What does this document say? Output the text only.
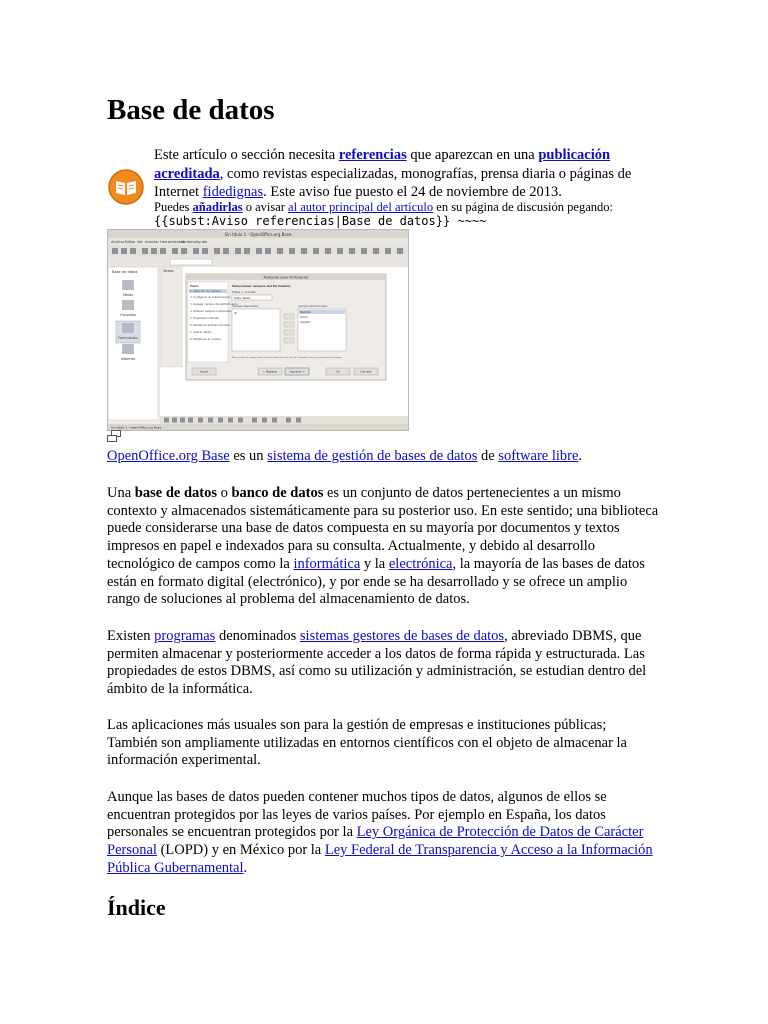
Base de datos
Este artículo o sección necesita referencias que aparezcan en una publicación acreditada, como revistas especializadas, monografías, prensa diaria o páginas de Internet fidedignas. Este aviso fue puesto el 24 de noviembre de 2013.
Puedes añadirlas o avisar al autor principal del artículo en su página de discusión pegando:
{{subst:Aviso referencias|Base de datos}} ~~~~
Sin título 1 - OpenOffice.org Base
Archivo Editar Ver Insertar Herramientas
Ventana Ayuda
Base de datos
Tablas
Consultas
Formularios
Informes
Tareas
Asistente para formularios
Pasos
1. Selección de campos
2. Configurar un subformulario
3. Agregar campos de subformulario
4. Obtener campos combinados
5. Organizar controles
6. Establecer entrada de datos
7. Aplicar estilos
8. Establecer el nombre
Seleccionar campos del formulario
Tablas o consultas
Tabla: Tabla1
Campos disponibles
ID
Campos del formulario
Nombre
Fecha
Apellido
Binary fields are always listed and selectable from the left list. If possible, they are interpreted as images.
Ayuda	< Regresar	Siguiente >	Ok	Cancelar
Sin título 1 - OpenOffice.org Base

OpenOffice.org Base es un sistema de gestión de bases de datos de software libre.

Una base de datos o banco de datos es un conjunto de datos pertenecientes a un mismo contexto y almacenados sistemáticamente para su posterior uso. En este sentido; una biblioteca puede considerarse una base de datos compuesta en su mayoría por documentos y textos impresos en papel e indexados para su consulta. Actualmente, y debido al desarrollo tecnológico de campos como la informática y la electrónica, la mayoría de las bases de datos están en formato digital (electrónico), y por ende se ha desarrollado y se ofrece un amplio rango de soluciones al problema del almacenamiento de datos.

Existen programas denominados sistemas gestores de bases de datos, abreviado DBMS, que permiten almacenar y posteriormente acceder a los datos de forma rápida y estructurada. Las propiedades de estos DBMS, así como su utilización y administración, se estudian dentro del ámbito de la informática.

Las aplicaciones más usuales son para la gestión de empresas e instituciones públicas; También son ampliamente utilizadas en entornos científicos con el objeto de almacenar la información experimental.

Aunque las bases de datos pueden contener muchos tipos de datos, algunos de ellos se encuentran protegidos por las leyes de varios países. Por ejemplo en España, los datos personales se encuentran protegidos por la Ley Orgánica de Protección de Datos de Carácter Personal (LOPD) y en México por la Ley Federal de Transparencia y Acceso a la Información Pública Gubernamental.

Índice
